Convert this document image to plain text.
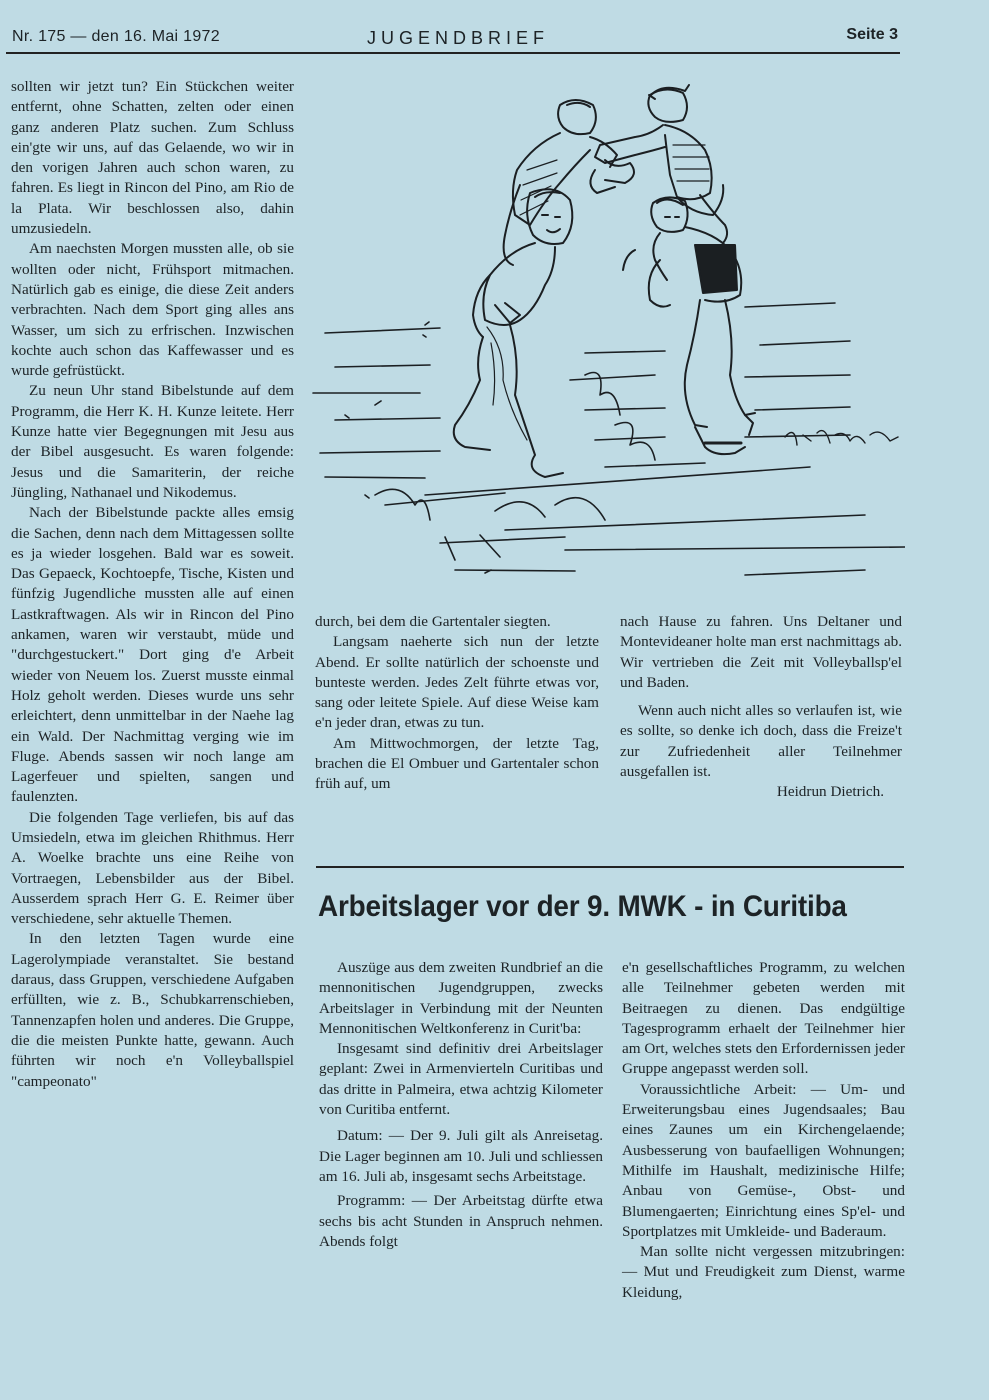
Nr. 175 — den 16. Mai 1972	JUGENDBRIEF	Seite 3

sollten wir jetzt tun? Ein Stückchen weiter entfernt, ohne Schatten, zelten oder einen ganz anderen Platz suchen. Zum Schluss ein'gte wir uns, auf das Gelaende, wo wir in den vorigen Jahren auch schon waren, zu fahren. Es liegt in Rincon del Pino, am Rio de la Plata. Wir beschlossen also, dahin umzusiedeln.

Am naechsten Morgen mussten alle, ob sie wollten oder nicht, Frühsport mitmachen. Natürlich gab es einige, die diese Zeit anders verbrachten. Nach dem Sport ging alles ans Wasser, um sich zu erfrischen. Inzwischen kochte auch schon das Kaffewasser und es wurde gefrüstückt.

Zu neun Uhr stand Bibelstunde auf dem Programm, die Herr K. H. Kunze leitete. Herr Kunze hatte vier Begegnungen mit Jesu aus der Bibel ausgesucht. Es waren folgende: Jesus und die Samariterin, der reiche Jüngling, Nathanael und Nikodemus.

Nach der Bibelstunde packte alles emsig die Sachen, denn nach dem Mittagessen sollte es ja wieder losgehen. Bald war es soweit. Das Gepaeck, Kochtoepfe, Tische, Kisten und fünfzig Jugendliche mussten alle auf einen Lastkraftwagen. Als wir in Rincon del Pino ankamen, waren wir verstaubt, müde und "durchgestuckert." Dort ging d'e Arbeit wieder von Neuem los. Zuerst musste einmal Holz geholt werden. Dieses wurde uns sehr erleichtert, denn unmittelbar in der Naehe lag ein Wald. Der Nachmittag verging wie im Fluge. Abends sassen wir noch lange am Lagerfeuer und spielten, sangen und faulenzten.

Die folgenden Tage verliefen, bis auf das Umsiedeln, etwa im gleichen Rhithmus. Herr A. Woelke brachte uns eine Reihe von Vortraegen, Lebensbilder aus der Bibel. Ausserdem sprach Herr G. E. Reimer über verschiedene, sehr aktuelle Themen.

In den letzten Tagen wurde eine Lagerolympiade veranstaltet. Sie bestand daraus, dass Gruppen, verschiedene Aufgaben erfüllten, wie z. B., Schubkarrenschieben, Tannenzapfen holen und anderes. Die Gruppe, die die meisten Punkte hatte, gewann. Auch führten wir noch e'n Volleyballspiel "campeonato"

durch, bei dem die Gartentaler siegten.

Langsam naeherte sich nun der letzte Abend. Er sollte natürlich der schoenste und bunteste werden. Jedes Zelt führte etwas vor, sang oder leitete Spiele. Auf diese Weise kam e'n jeder dran, etwas zu tun.

Am Mittwochmorgen, der letzte Tag, brachen die El Ombuer und Gartentaler schon früh auf, um

nach Hause zu fahren. Uns Deltaner und Montevideaner holte man erst nachmittags ab. Wir vertrieben die Zeit mit Volleyballsp'el und Baden.

Wenn auch nicht alles so verlaufen ist, wie es sollte, so denke ich doch, dass die Freize't zur Zufriedenheit aller Teilnehmer ausgefallen ist.

Heidrun Dietrich.

Arbeitslager vor der 9. MWK - in Curitiba

Auszüge aus dem zweiten Rundbrief an die mennonitischen Jugendgruppen, zwecks Arbeitslager in Verbindung mit der Neunten Mennonitischen Weltkonferenz in Curit'ba:

Insgesamt sind definitiv drei Arbeitslager geplant: Zwei in Armenvierteln Curitibas und das dritte in Palmeira, etwa achtzig Kilometer von Curitiba entfernt.

Datum: — Der 9. Juli gilt als Anreisetag. Die Lager beginnen am 10. Juli und schliessen am 16. Juli ab, insgesamt sechs Arbeitstage.

Programm: — Der Arbeitstag dürfte etwa sechs bis acht Stunden in Anspruch nehmen. Abends folgt

e'n gesellschaftliches Programm, zu welchen alle Teilnehmer gebeten werden mit Beitraegen zu dienen. Das endgültige Tagesprogramm erhaelt der Teilnehmer hier am Ort, welches stets den Erfordernissen jeder Gruppe angepasst werden soll.

Voraussichtliche Arbeit: — Um- und Erweiterungsbau eines Jugendsaales; Bau eines Zaunes um ein Kirchengelaende; Ausbesserung von baufaelligen Wohnungen; Mithilfe im Haushalt, medizinische Hilfe; Anbau von Gemüse-, Obst- und Blumengaerten; Einrichtung eines Sp'el- und Sportplatzes mit Umkleide- und Baderaum.

Man sollte nicht vergessen mitzubringen: — Mut und Freudigkeit zum Dienst, warme Kleidung,
